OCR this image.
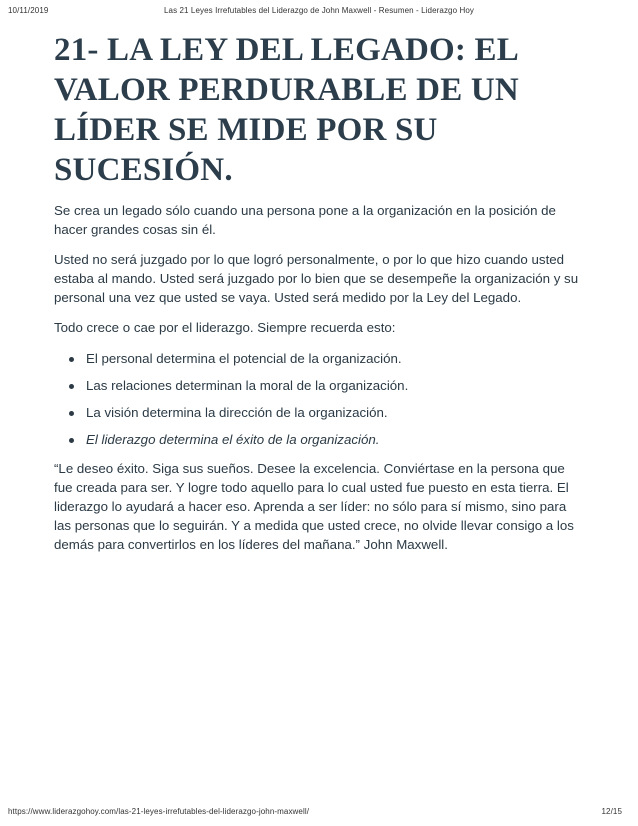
10/11/2019	Las 21 Leyes Irrefutables del Liderazgo de John Maxwell - Resumen - Liderazgo Hoy
21- LA LEY DEL LEGADO: EL VALOR PERDURABLE DE UN LÍDER SE MIDE POR SU SUCESIÓN.

Se crea un legado sólo cuando una persona pone a la organización en la posición de hacer grandes cosas sin él.

Usted no será juzgado por lo que logró personalmente, o por lo que hizo cuando usted estaba al mando. Usted será juzgado por lo bien que se desempeñe la organización y su personal una vez que usted se vaya. Usted será medido por la Ley del Legado.

Todo crece o cae por el liderazgo. Siempre recuerda esto:

El personal determina el potencial de la organización.
Las relaciones determinan la moral de la organización.
La visión determina la dirección de la organización.
El liderazgo determina el éxito de la organización.

“Le deseo éxito. Siga sus sueños. Desee la excelencia. Conviértase en la persona que fue creada para ser. Y logre todo aquello para lo cual usted fue puesto en esta tierra. El liderazgo lo ayudará a hacer eso. Aprenda a ser líder: no sólo para sí mismo, sino para las personas que lo seguirán. Y a medida que usted crece, no olvide llevar consigo a los demás para convertirlos en los líderes del mañana.” John Maxwell.

https://www.liderazgohoy.com/las-21-leyes-irrefutables-del-liderazgo-john-maxwell/	12/15
